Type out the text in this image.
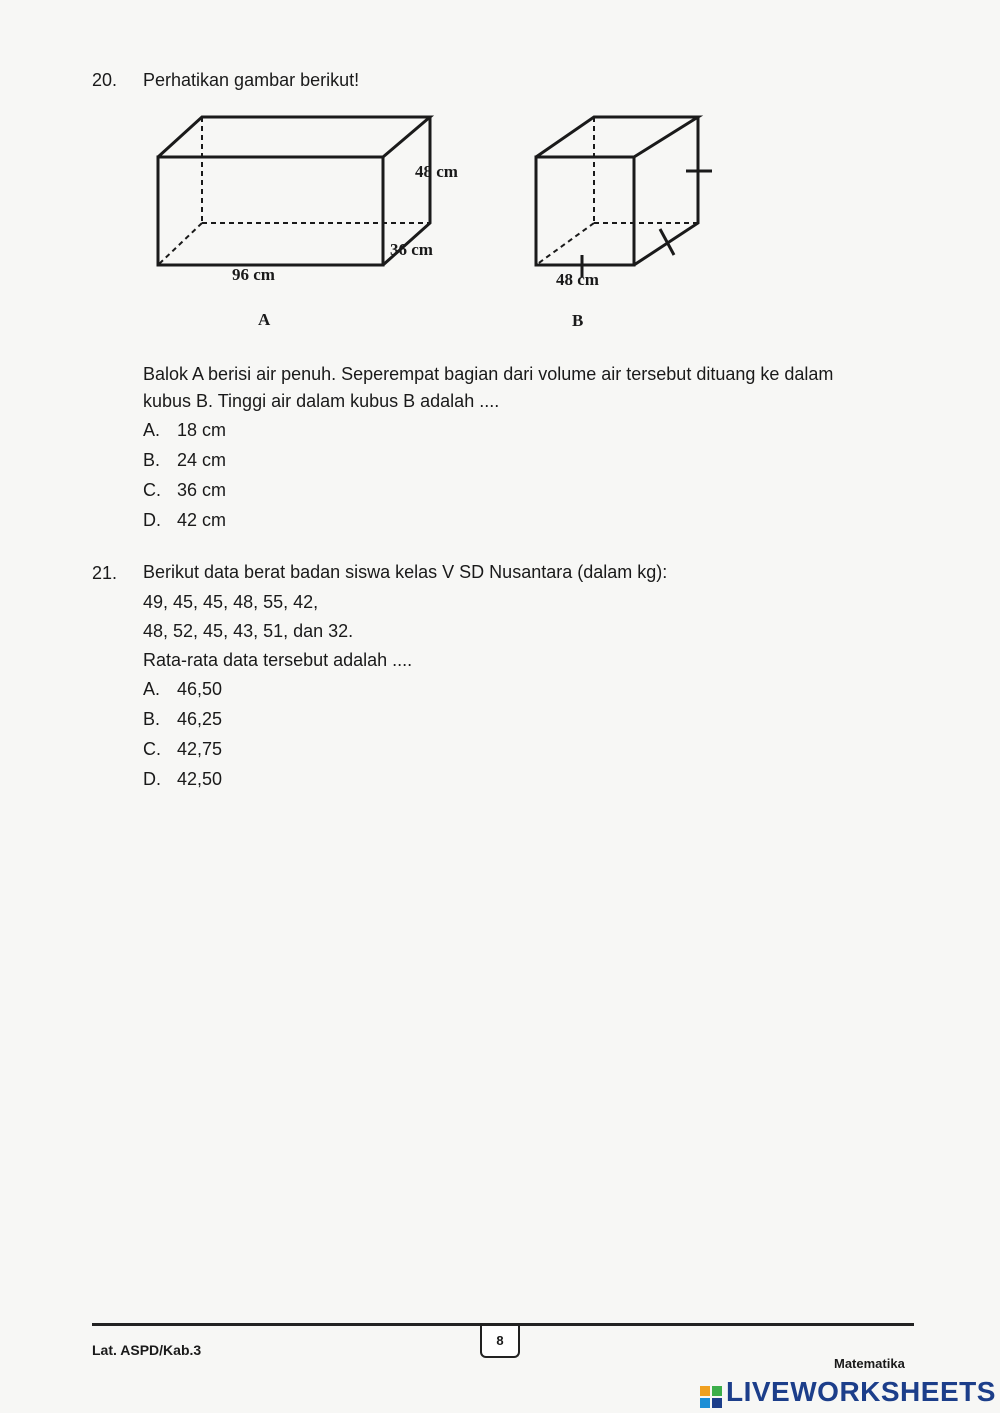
20. Perhatikan gambar berikut!
48 cm
36 cm
96 cm
A
48 cm
B
Balok A berisi air penuh. Seperempat bagian dari volume air tersebut dituang ke dalam
kubus B. Tinggi air dalam kubus B adalah ....
A. 18 cm
B. 24 cm
C. 36 cm
D. 42 cm
21. Berikut data berat badan siswa kelas V SD Nusantara (dalam kg):
49, 45, 45, 48, 55, 42,
48, 52, 45, 43, 51, dan 32.
Rata-rata data tersebut adalah ....
A. 46,50
B. 46,25
C. 42,75
D. 42,50
Lat. ASPD/Kab.3
8
Matematika
LIVEWORKSHEETS
